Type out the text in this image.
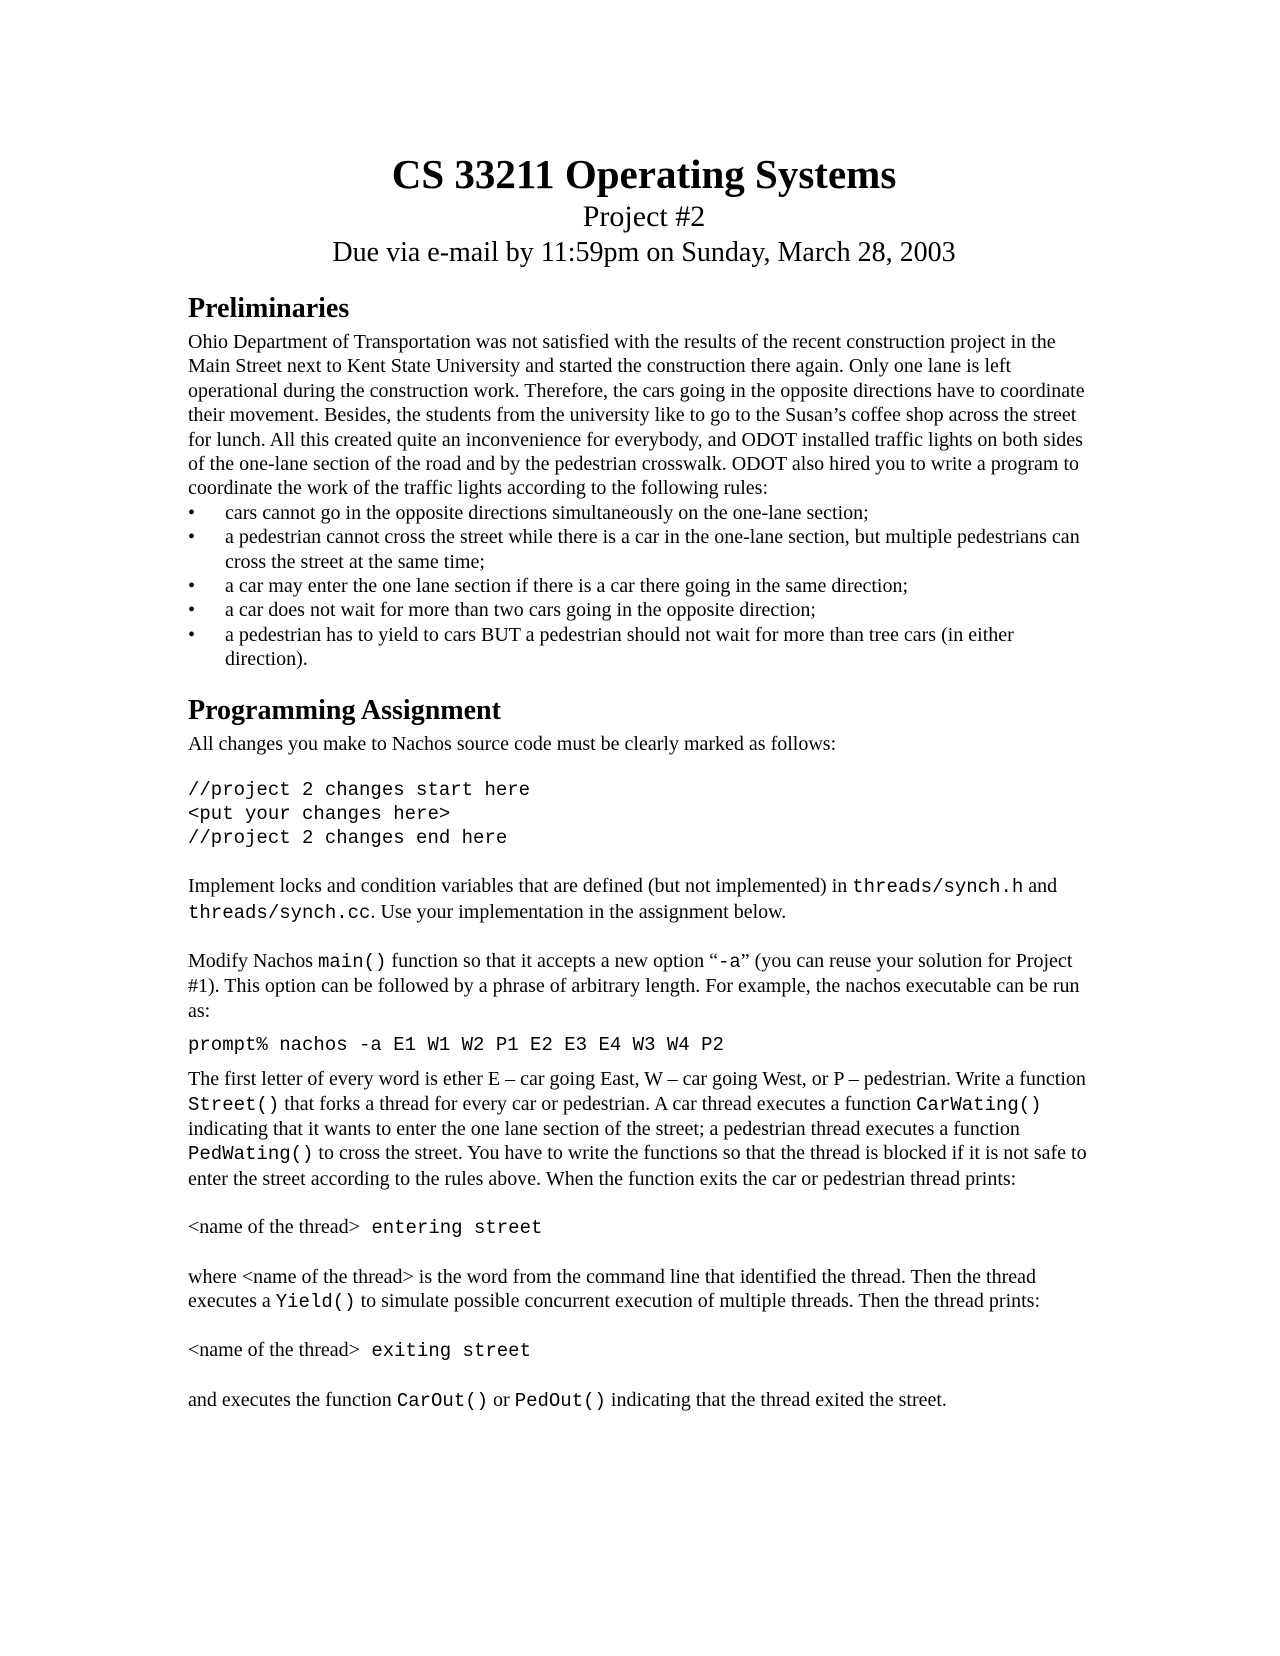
CS 33211 Operating Systems
Project #2
Due via e-mail by 11:59pm on Sunday, March 28, 2003
Preliminaries

Ohio Department of Transportation was not satisfied with the results of the recent construction project in the Main Street next to Kent State University and started the construction there again. Only one lane is left operational during the construction work. Therefore, the cars going in the opposite directions have to coordinate their movement. Besides, the students from the university like to go to the Susan’s coffee shop across the street for lunch. All this created quite an inconvenience for everybody, and ODOT installed traffic lights on both sides of the one-lane section of the road and by the pedestrian crosswalk. ODOT also hired you to write a program to coordinate the work of the traffic lights according to the following rules:

• cars cannot go in the opposite directions simultaneously on the one-lane section;
• a pedestrian cannot cross the street while there is a car in the one-lane section, but multiple pedestrians can cross the street at the same time;
• a car may enter the one lane section if there is a car there going in the same direction;
• a car does not wait for more than two cars going in the opposite direction;
• a pedestrian has to yield to cars BUT a pedestrian should not wait for more than tree cars (in either direction).
Programming Assignment

All changes you make to Nachos source code must be clearly marked as follows:

//project 2 changes start here
<put your changes here>
//project 2 changes end here

Implement locks and condition variables that are defined (but not implemented) in threads/synch.h and threads/synch.cc. Use your implementation in the assignment below.

Modify Nachos main() function so that it accepts a new option “-a” (you can reuse your solution for Project #1). This option can be followed by a phrase of arbitrary length. For example, the nachos executable can be run as:

prompt% nachos -a E1 W1 W2 P1 E2 E3 E4 W3 W4 P2

The first letter of every word is ether E – car going East, W – car going West, or P – pedestrian. Write a function Street() that forks a thread for every car or pedestrian. A car thread executes a function CarWating() indicating that it wants to enter the one lane section of the street; a pedestrian thread executes a function PedWating() to cross the street. You have to write the functions so that the thread is blocked if it is not safe to enter the street according to the rules above. When the function exits the car or pedestrian thread prints:

<name of the thread> entering street

where <name of the thread> is the word from the command line that identified the thread. Then the thread executes a Yield() to simulate possible concurrent execution of multiple threads. Then the thread prints:

<name of the thread> exiting street

and executes the function CarOut() or PedOut() indicating that the thread exited the street.
